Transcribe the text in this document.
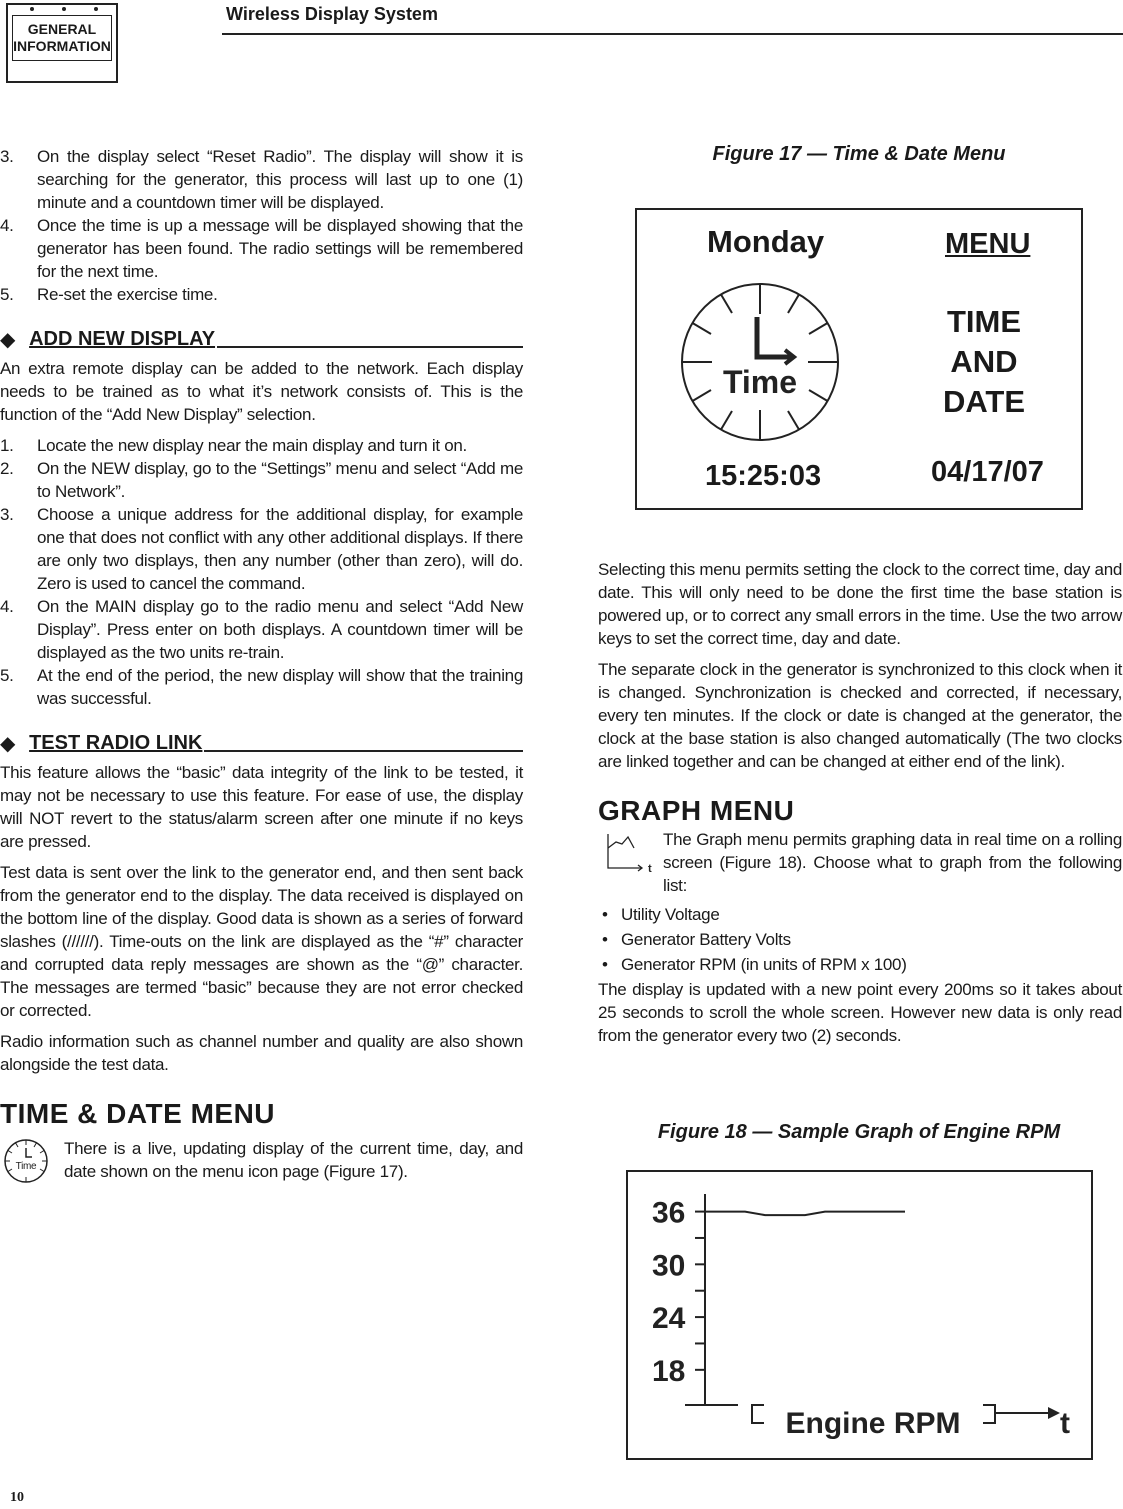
GENERAL
INFORMATION
Wireless Display System
3. On the display select “Reset Radio”. The display will show it is searching for the generator, this process will last up to one (1) minute and a countdown timer will be displayed.
4. Once the time is up a message will be displayed showing that the generator has been found. The radio settings will be remembered for the next time.
5. Re-set the exercise time.
◆ ADD NEW DISPLAY

An extra remote display can be added to the network. Each display needs to be trained as to what it’s network consists of. This is the function of the “Add New Display” selection.

1. Locate the new display near the main display and turn it on.
2. On the NEW display, go to the “Settings” menu and select “Add me to Network”.
3. Choose a unique address for the additional display, for example one that does not conflict with any other additional displays. If there are only two displays, then any number (other than zero), will do. Zero is used to cancel the command.
4. On the MAIN display go to the radio menu and select “Add New Display”. Press enter on both displays. A countdown timer will be displayed as the two units re-train.
5. At the end of the period, the new display will show that the training was successful.
◆ TEST RADIO LINK

This feature allows the “basic” data integrity of the link to be tested, it may not be necessary to use this feature. For ease of use, the display will NOT revert to the status/alarm screen after one minute if no keys are pressed.

Test data is sent over the link to the generator end, and then sent back from the generator end to the display. The data received is displayed on the bottom line of the display. Good data is shown as a series of forward slashes (//////). Time-outs on the link are displayed as the “#” character and corrupted data reply messages are shown as the “@” character. The messages are termed “basic” because they are not error checked or corrected.

Radio information such as channel number and quality are also shown alongside the test data.

TIME & DATE MENU
Time
There is a live, updating display of the current time, day, and date shown on the menu icon page (Figure 17).
Figure 17 — Time & Date Menu
Monday	MENU
TIME
AND
DATE
Time
15:25:03	04/17/07

Selecting this menu permits setting the clock to the correct time, day and date. This will only need to be done the first time the base station is powered up, or to correct any small errors in the time. Use the two arrow keys to set the correct time, day and date.

The separate clock in the generator is synchronized to this clock when it is changed. Synchronization is checked and corrected, if necessary, every ten minutes. If the clock or date is changed at the generator, the clock at the base station is also changed automatically (The two clocks are linked together and can be changed at either end of the link).

GRAPH MENU
t
The Graph menu permits graphing data in real time on a rolling screen (Figure 18). Choose what to graph from the following list:
• Utility Voltage
• Generator Battery Volts
• Generator RPM (in units of RPM x 100)

The display is updated with a new point every 200ms so it takes about 25 seconds to scroll the whole screen. However new data is only read from the generator every two (2) seconds.

Figure 18 — Sample Graph of Engine RPM
18
24
30
36
Engine RPM	t
10
